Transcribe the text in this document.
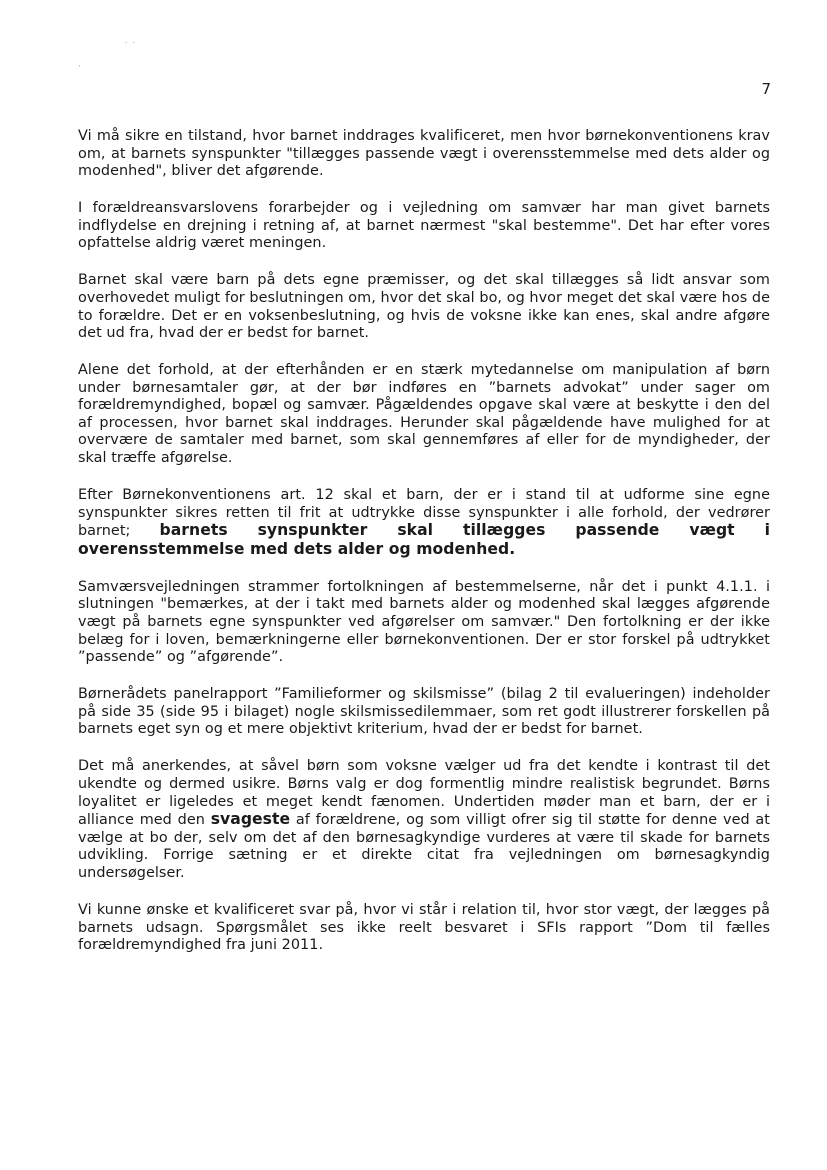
˙ ˙
·
7

Vi må sikre en tilstand, hvor barnet inddrages kvalificeret, men hvor børnekonventionens krav om, at barnets synspunkter "tillægges passende vægt i overensstemmelse med dets alder og modenhed", bliver det afgørende.

I forældreansvarslovens forarbejder og i vejledning om samvær har man givet barnets indflydelse en drejning i retning af, at barnet nærmest "skal bestemme". Det har efter vores opfattelse aldrig været meningen.

Barnet skal være barn på dets egne præmisser, og det skal tillægges så lidt ansvar som overhovedet muligt for beslutningen om, hvor det skal bo, og hvor meget det skal være hos de to forældre. Det er en voksenbeslutning, og hvis de voksne ikke kan enes, skal andre afgøre det ud fra, hvad der er bedst for barnet.

Alene det forhold, at der efterhånden er en stærk mytedannelse om manipulation af børn under børnesamtaler gør, at der bør indføres en ”barnets advokat” under sager om forældremyndighed, bopæl og samvær. Pågældendes opgave skal være at beskytte i den del af processen, hvor barnet skal inddrages. Herunder skal pågældende have mulighed for at overvære de samtaler med barnet, som skal gennemføres af eller for de myndigheder, der skal træffe afgørelse.

Efter Børnekonventionens art. 12 skal et barn, der er i stand til at udforme sine egne synspunkter sikres retten til frit at udtrykke disse synspunkter i alle forhold, der vedrører barnet; barnets synspunkter skal tillægges passende vægt i overensstemmelse med dets alder og modenhed.

Samværsvejledningen strammer fortolkningen af bestemmelserne, når det i punkt 4.1.1. i slutningen "bemærkes, at der i takt med barnets alder og modenhed skal lægges afgørende vægt på barnets egne synspunkter ved afgørelser om samvær." Den fortolkning er der ikke belæg for i loven, bemærkningerne eller børnekonventionen. Der er stor forskel på udtrykket ”passende” og ”afgørende”.

Børnerådets panelrapport ”Familieformer og skilsmisse” (bilag 2 til evalueringen) indeholder på side 35 (side 95 i bilaget) nogle skilsmissedilemmaer, som ret godt illustrerer forskellen på barnets eget syn og et mere objektivt kriterium, hvad der er bedst for barnet.

Det må anerkendes, at såvel børn som voksne vælger ud fra det kendte i kontrast til det ukendte og dermed usikre. Børns valg er dog formentlig mindre realistisk begrundet. Børns loyalitet er ligeledes et meget kendt fænomen. Undertiden møder man et barn, der er i alliance med den svageste af forældrene, og som villigt ofrer sig til støtte for denne ved at vælge at bo der, selv om det af den børnesagkyndige vurderes at være til skade for barnets udvikling. Forrige sætning er et direkte citat fra vejledningen om børnesagkyndig undersøgelser.

Vi kunne ønske et kvalificeret svar på, hvor vi står i relation til, hvor stor vægt, der lægges på barnets udsagn. Spørgsmålet ses ikke reelt besvaret i SFIs rapport ”Dom til fælles forældremyndighed fra juni 2011.
